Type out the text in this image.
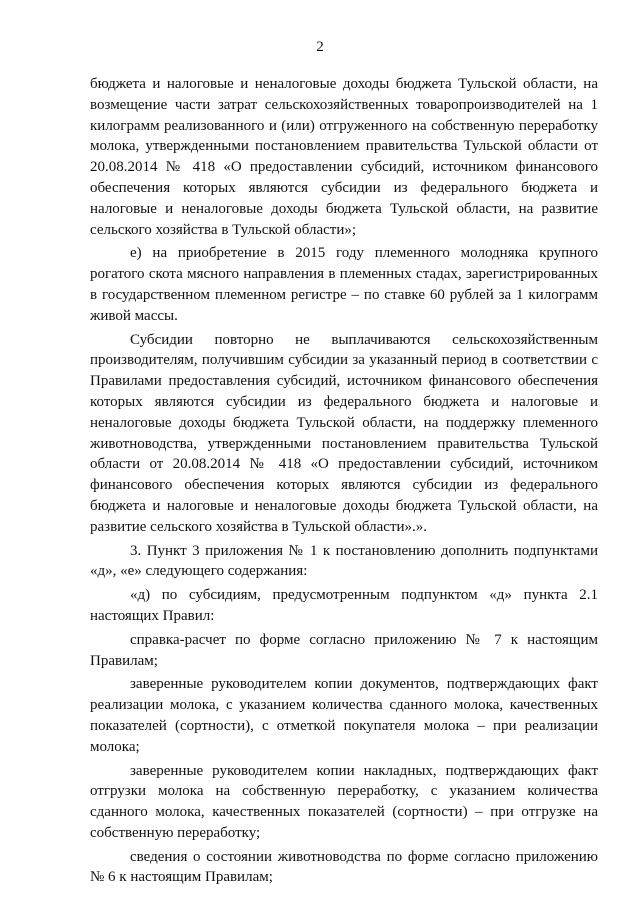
2

бюджета и налоговые и неналоговые доходы бюджета Тульской области, на возмещение части затрат сельскохозяйственных товаропроизводителей на 1 килограмм реализованного и (или) отгруженного на собственную переработку молока, утвержденными постановлением правительства Тульской области от 20.08.2014 № 418 «О предоставлении субсидий, источником финансового обеспечения которых являются субсидии из федерального бюджета и налоговые и неналоговые доходы бюджета Тульской области, на развитие сельского хозяйства в Тульской области»;

е) на приобретение в 2015 году племенного молодняка крупного рогатого скота мясного направления в племенных стадах, зарегистрированных в государственном племенном регистре – по ставке 60 рублей за 1 килограмм живой массы.

Субсидии повторно не выплачиваются сельскохозяйственным производителям, получившим субсидии за указанный период в соответствии с Правилами предоставления субсидий, источником финансового обеспечения которых являются субсидии из федерального бюджета и налоговые и неналоговые доходы бюджета Тульской области, на поддержку племенного животноводства, утвержденными постановлением правительства Тульской области от 20.08.2014 № 418 «О предоставлении субсидий, источником финансового обеспечения которых являются субсидии из федерального бюджета и налоговые и неналоговые доходы бюджета Тульской области, на развитие сельского хозяйства в Тульской области».».

3. Пункт 3 приложения № 1 к постановлению дополнить подпунктами «д», «е» следующего содержания:

«д) по субсидиям, предусмотренным подпунктом «д» пункта 2.1 настоящих Правил:

справка-расчет по форме согласно приложению № 7 к настоящим Правилам;

заверенные руководителем копии документов, подтверждающих факт реализации молока, с указанием количества сданного молока, качественных показателей (сортности), с отметкой покупателя молока – при реализации молока;

заверенные руководителем копии накладных, подтверждающих факт отгрузки молока на собственную переработку, с указанием количества сданного молока, качественных показателей (сортности) – при отгрузке на собственную переработку;

сведения о состоянии животноводства по форме согласно приложению № 6 к настоящим Правилам;
